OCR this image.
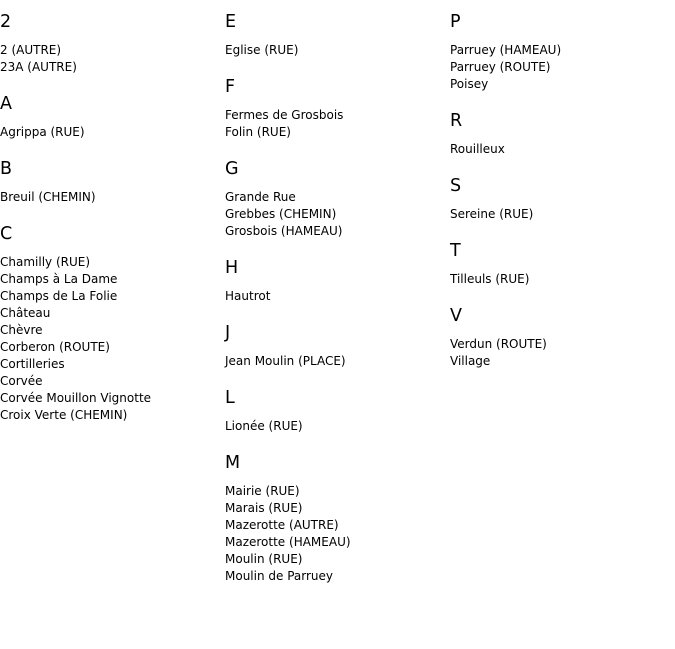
2
2 (AUTRE)
23A (AUTRE)
A
Agrippa (RUE)
B
Breuil (CHEMIN)
C
Chamilly (RUE)
Champs à La Dame
Champs de La Folie
Château
Chèvre
Corberon (ROUTE)
Cortilleries
Corvée
Corvée Mouillon Vignotte
Croix Verte (CHEMIN)
E
Eglise (RUE)
F
Fermes de Grosbois
Folin (RUE)
G
Grande Rue
Grebbes (CHEMIN)
Grosbois (HAMEAU)
H
Hautrot
J
Jean Moulin (PLACE)
L
Lionée (RUE)
M
Mairie (RUE)
Marais (RUE)
Mazerotte (AUTRE)
Mazerotte (HAMEAU)
Moulin (RUE)
Moulin de Parruey
P
Parruey (HAMEAU)
Parruey (ROUTE)
Poisey
R
Rouilleux
S
Sereine (RUE)
T
Tilleuls (RUE)
V
Verdun (ROUTE)
Village
